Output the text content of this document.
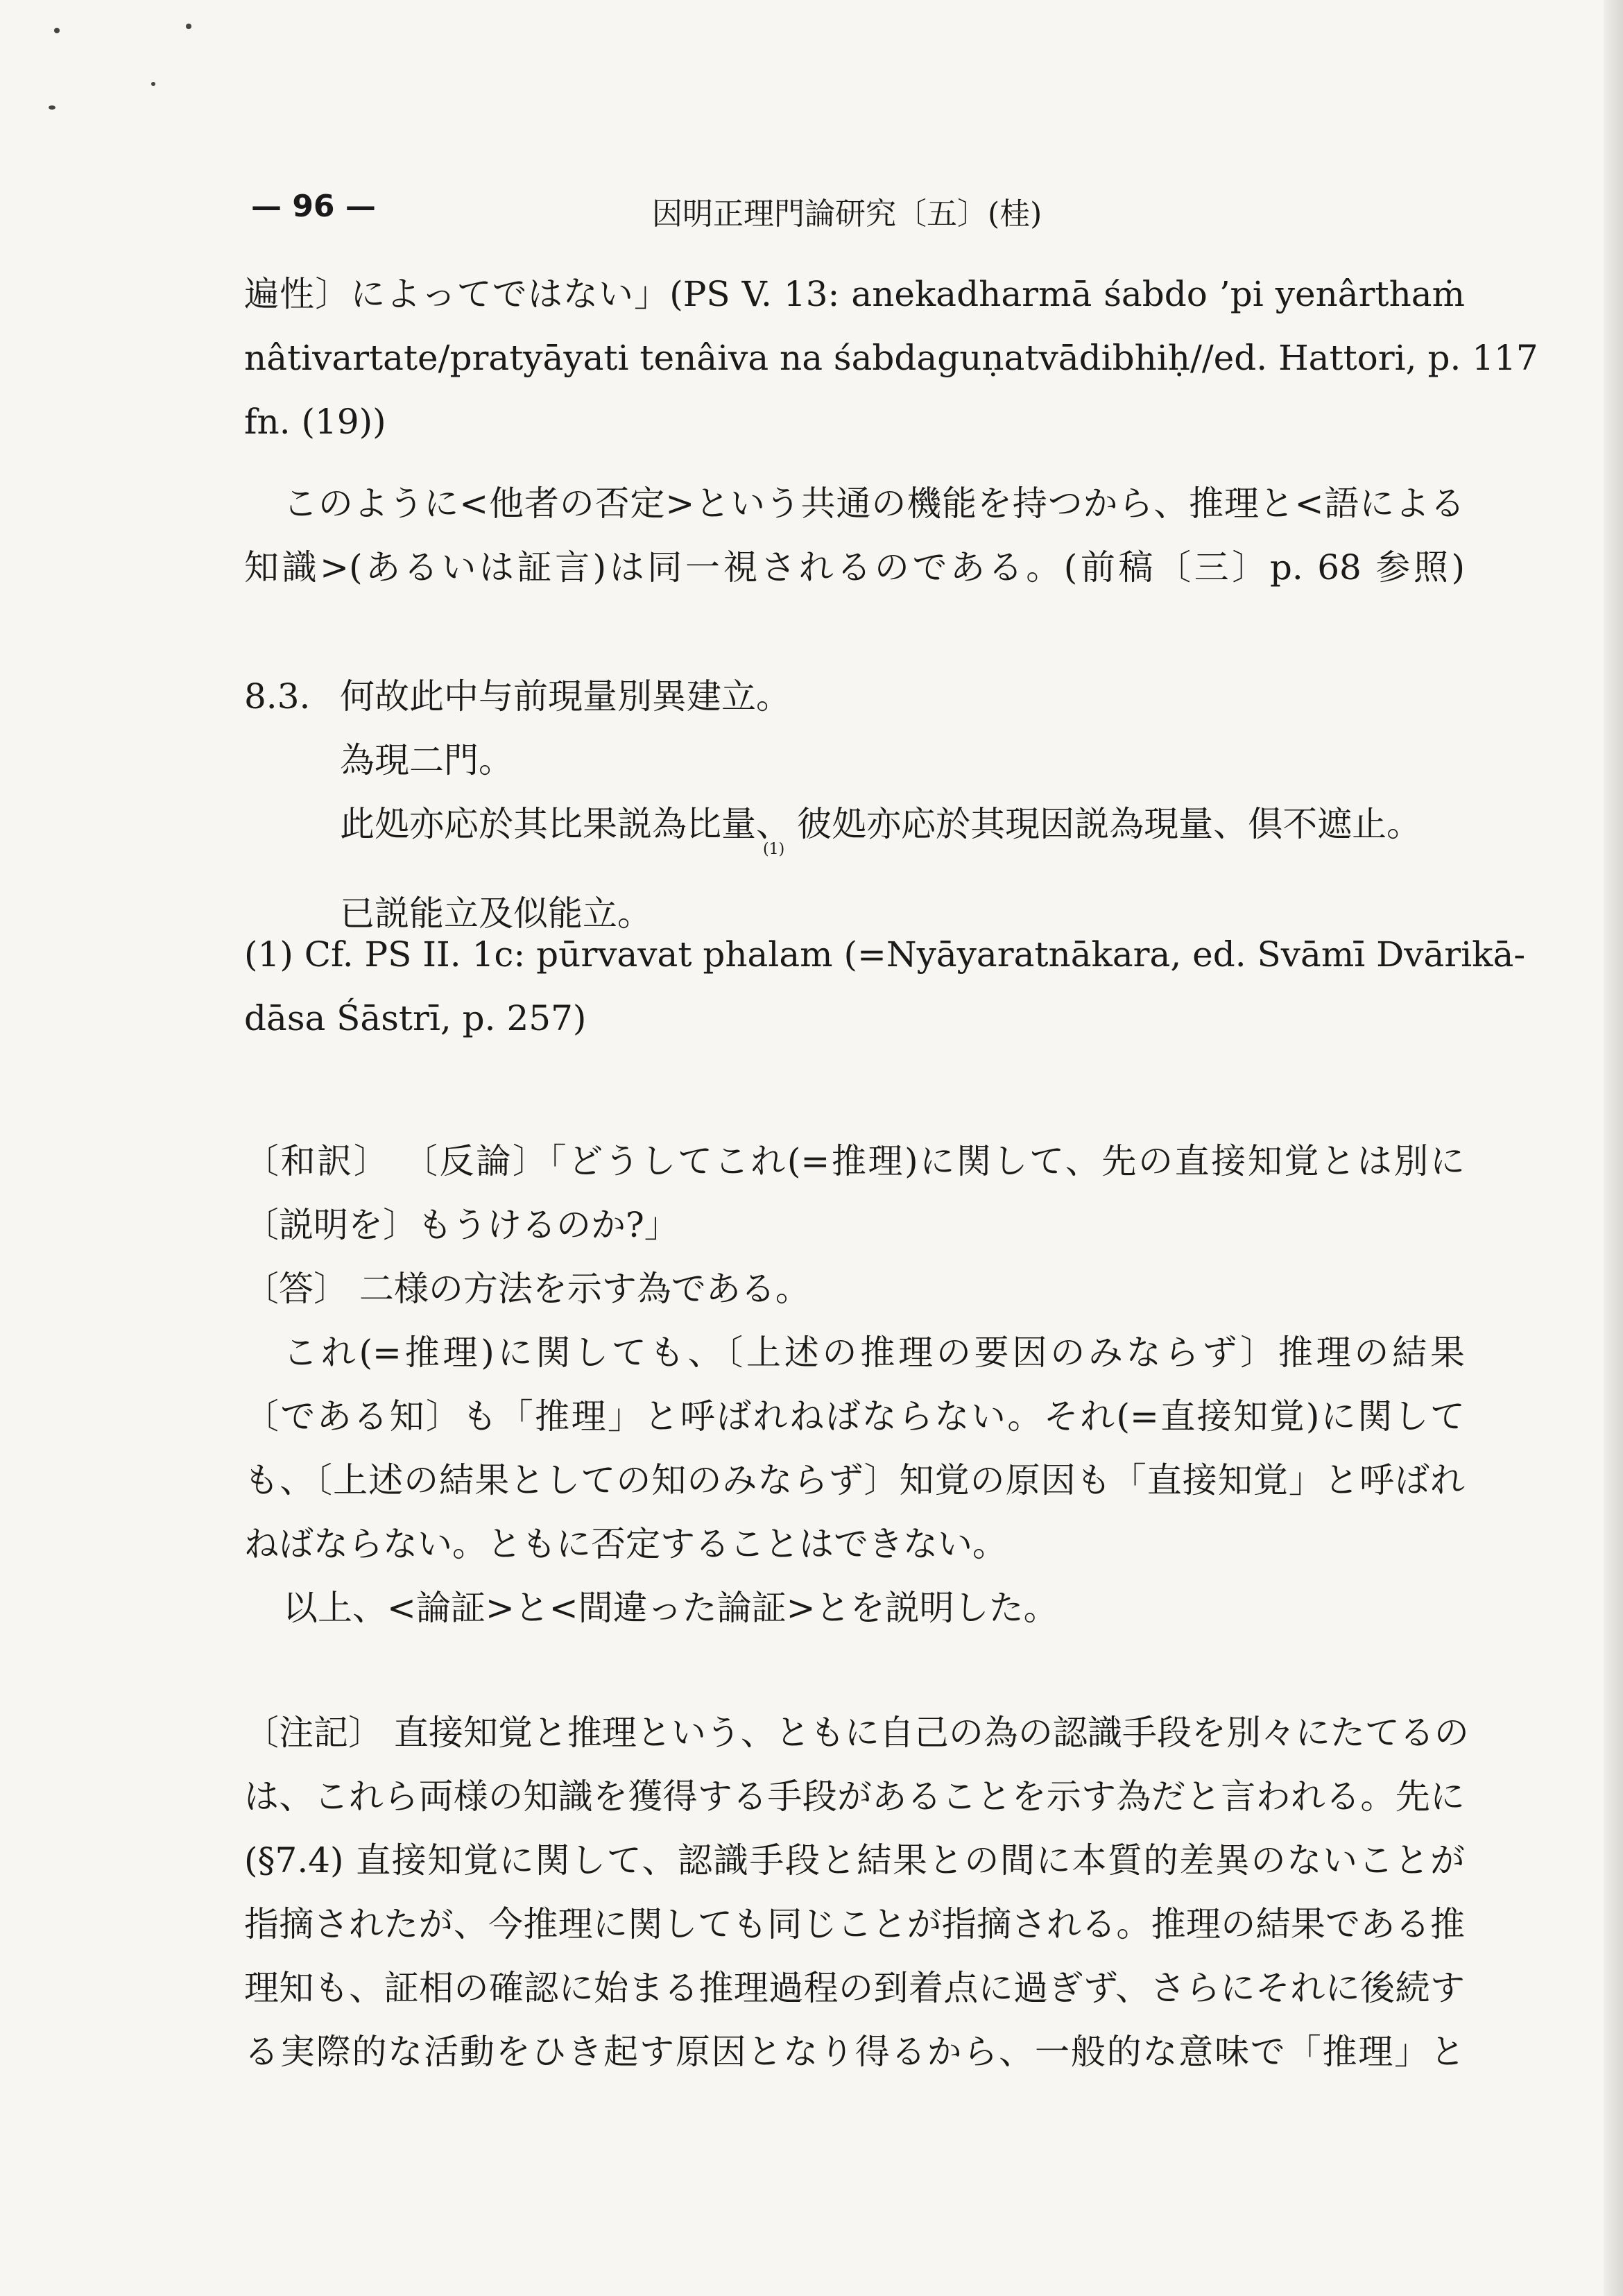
— 96 —	因明正理門論研究〔五〕(桂)
遍性〕によってではない」(PS V. 13: anekadharmā śabdo ’pi yenârthaṁ
nâtivartate/pratyāyati tenâiva na śabdaguṇatvādibhiḥ//ed. Hattori, p. 117
fn. (19))
このように<他者の否定>という共通の機能を持つから、推理と<語による
知識>(あるいは証言)は同一視されるのである。(前稿〔三〕p. 68 参照)
8.3. 何故此中与前現量別異建立。
為現二門。
此処亦応於其比果説為比量、$_{(1)}$彼処亦応於其現因説為現量、倶不遮止。
已説能立及似能立。
(1) Cf. PS II. 1c: pūrvavat phalam (=Nyāyaratnākara, ed. Svāmī Dvārikā-
dāsa Śāstrī, p. 257)
〔和訳〕 〔反論〕「どうしてこれ(=推理)に関して、先の直接知覚とは別に
〔説明を〕もうけるのか?」
〔答〕 二様の方法を示す為である。
これ(=推理)に関しても、〔上述の推理の要因のみならず〕推理の結果
〔である知〕も「推理」と呼ばれねばならない。それ(=直接知覚)に関して
も、〔上述の結果としての知のみならず〕知覚の原因も「直接知覚」と呼ばれ
ねばならない。ともに否定することはできない。
以上、<論証>と<間違った論証>とを説明した。
〔注記〕 直接知覚と推理という、ともに自己の為の認識手段を別々にたてるの
は、これら両様の知識を獲得する手段があることを示す為だと言われる。先に
(§7.4) 直接知覚に関して、認識手段と結果との間に本質的差異のないことが
指摘されたが、今推理に関しても同じことが指摘される。推理の結果である推
理知も、証相の確認に始まる推理過程の到着点に過ぎず、さらにそれに後続す
る実際的な活動をひき起す原因となり得るから、一般的な意味で「推理」と
